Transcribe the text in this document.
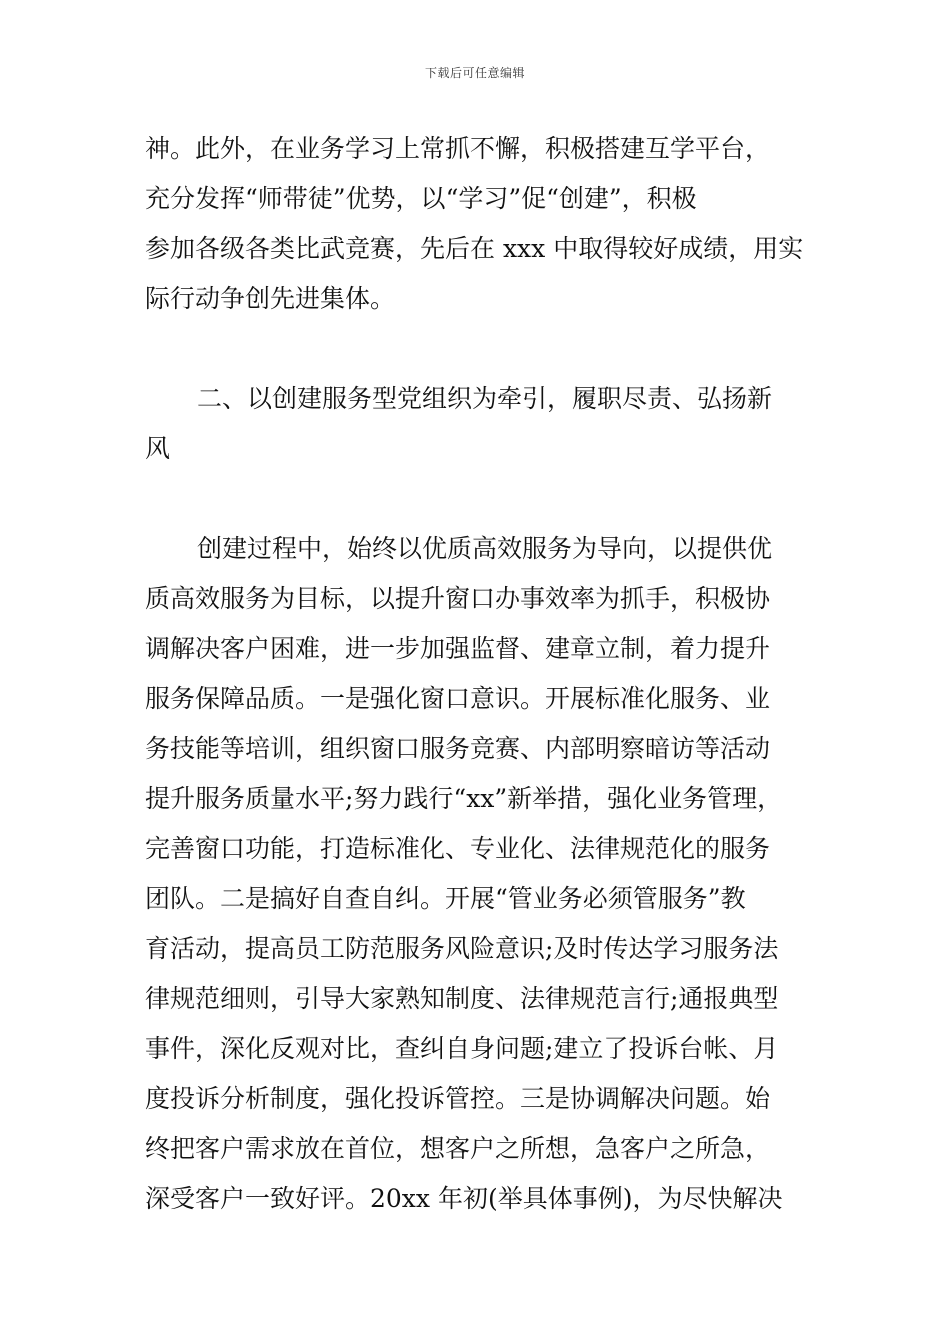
下载后可任意编辑
神。此外，在业务学习上常抓不懈，积极搭建互学平台，
充分发挥“师带徒”优势，以“学习”促“创建”，积极
参加各级各类比武竞赛，先后在 xxx 中取得较好成绩，用实
际行动争创先进集体。
二、以创建服务型党组织为牵引，履职尽责、弘扬新
风
创建过程中，始终以优质高效服务为导向，以提供优
质高效服务为目标，以提升窗口办事效率为抓手，积极协
调解决客户困难，进一步加强监督、建章立制，着力提升
服务保障品质。一是强化窗口意识。开展标准化服务、业
务技能等培训，组织窗口服务竞赛、内部明察暗访等活动
提升服务质量水平;努力践行“xx”新举措，强化业务管理，
完善窗口功能，打造标准化、专业化、法律规范化的服务
团队。二是搞好自查自纠。开展“管业务必须管服务”教
育活动，提高员工防范服务风险意识;及时传达学习服务法
律规范细则，引导大家熟知制度、法律规范言行;通报典型
事件，深化反观对比，查纠自身问题;建立了投诉台帐、月
度投诉分析制度，强化投诉管控。三是协调解决问题。始
终把客户需求放在首位，想客户之所想，急客户之所急，
深受客户一致好评。20xx 年初(举具体事例)，为尽快解决
